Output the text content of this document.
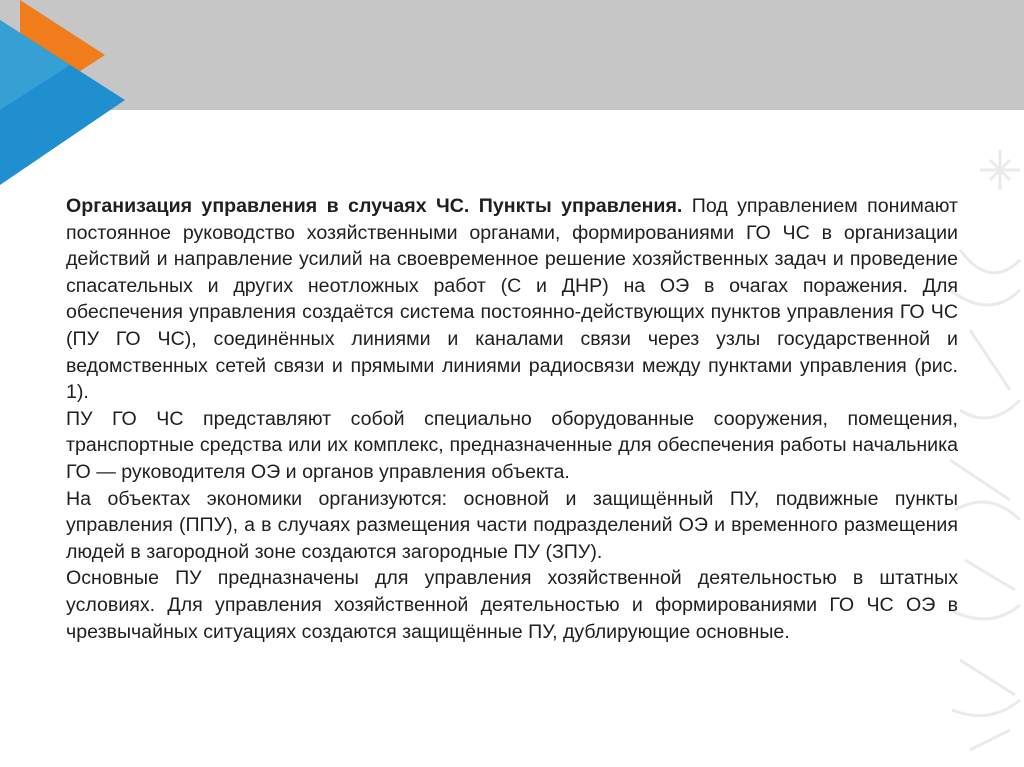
Организация управления в случаях ЧС. Пункты управления. Под управлением понимают постоянное руководство хозяйственными органами, формированиями ГО ЧС в организации действий и направление усилий на своевременное решение хозяйственных задач и проведение спасательных и других неотложных работ (С и ДНР) на ОЭ в очагах поражения. Для обеспечения управления создаётся система постоянно-действующих пунктов управления ГО ЧС (ПУ ГО ЧС), соединённых линиями и каналами связи через узлы государственной и ведомственных сетей связи и прямыми линиями радиосвязи между пунктами управления (рис. 1).

ПУ ГО ЧС представляют собой специально оборудованные сооружения, помещения, транспортные средства или их комплекс, предназначенные для обеспечения работы начальника ГО — руководителя ОЭ и органов управления объекта.

На объектах экономики организуются: основной и защищённый ПУ, подвижные пункты управления (ППУ), а в случаях размещения части подразделений ОЭ и временного размещения людей в загородной зоне создаются загородные ПУ (ЗПУ).

Основные ПУ предназначены для управления хозяйственной деятельностью в штатных условиях. Для управления хозяйственной деятельностью и формированиями ГО ЧС ОЭ в чрезвычайных ситуациях создаются защищённые ПУ, дублирующие основные.
